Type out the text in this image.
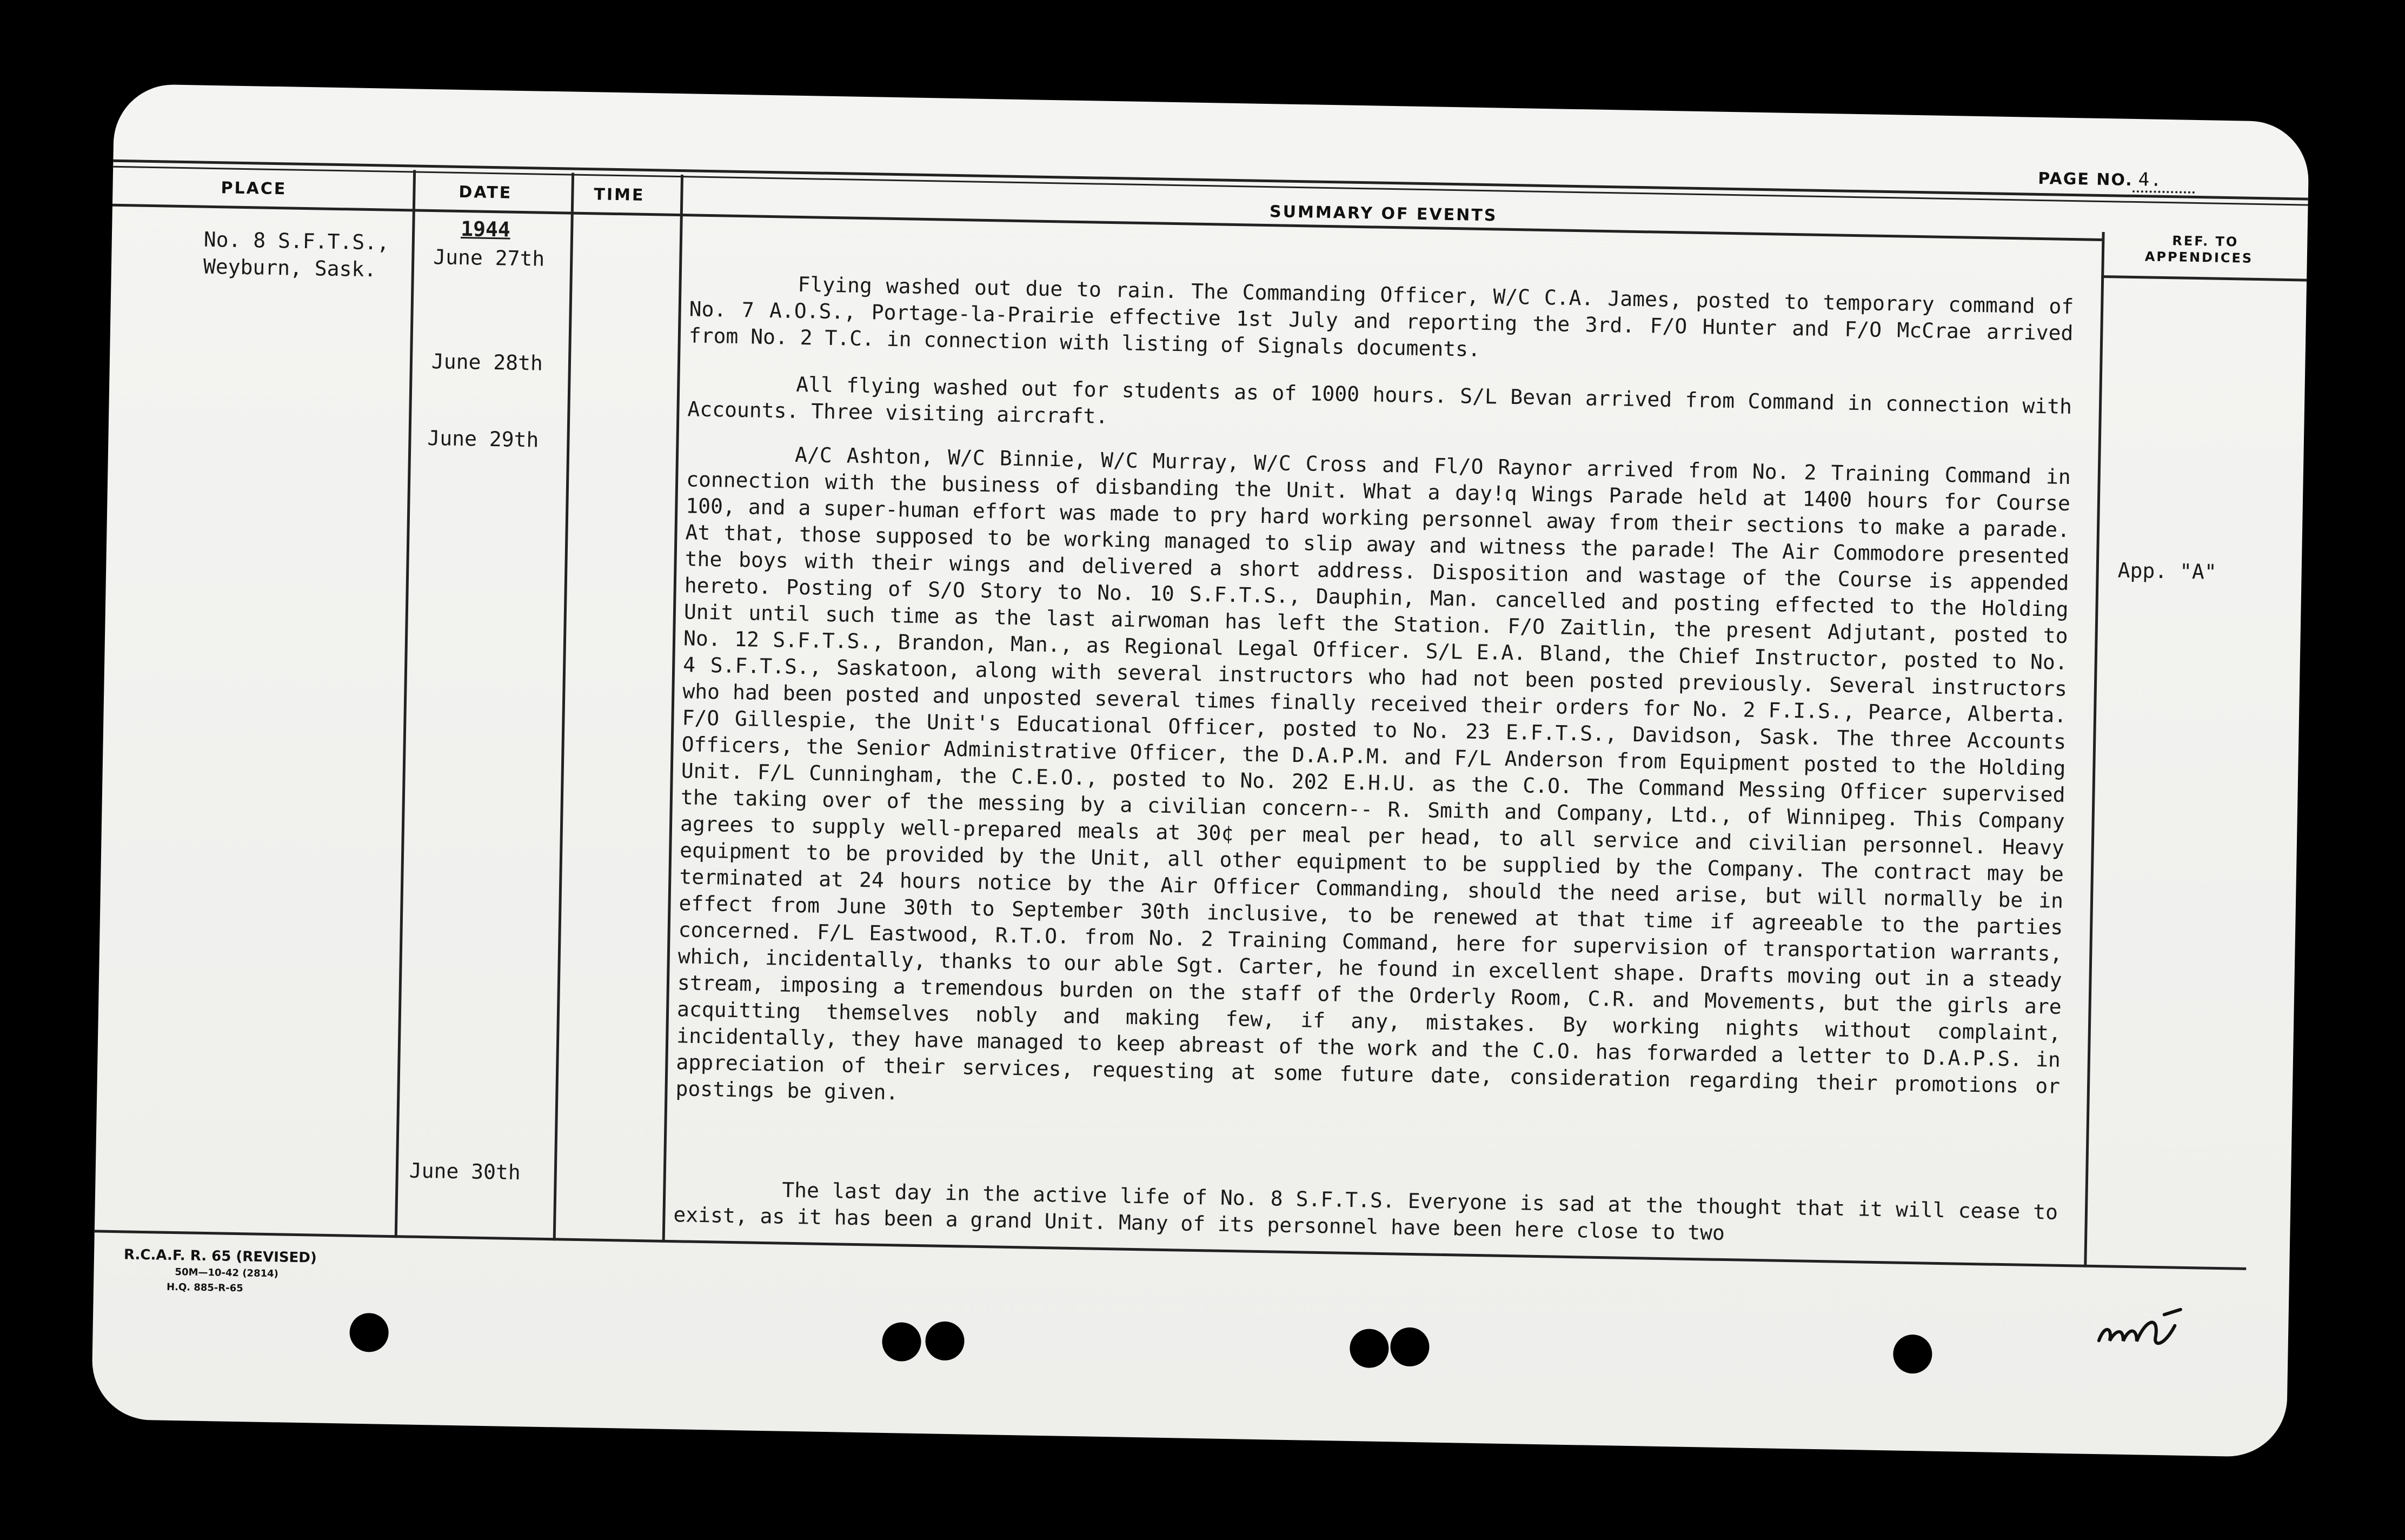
PLACE	DATE	TIME
SUMMARY OF EVENTS
REF. TO
APPENDICES
PAGE NO. 4.
No. 8 S.F.T.S.,
Weyburn, Sask.
1944
June 27th
June 28th
June 29th
June 30th

Flying washed out due to rain. The Commanding Officer, W/C C.A. James, posted to temporary command of No. 7 A.O.S., Portage-la-Prairie effective 1st July and reporting the 3rd. F/O Hunter and F/O McCrae arrived from No. 2 T.C. in connection with listing of Signals documents.

All flying washed out for students as of 1000 hours. S/L Bevan arrived from Command in connection with Accounts. Three visiting aircraft.

A/C Ashton, W/C Binnie, W/C Murray, W/C Cross and Fl/O Raynor arrived from No. 2 Training Command in connection with the business of disbanding the Unit. What a day!q Wings Parade held at 1400 hours for Course 100, and a super-human effort was made to pry hard working personnel away from their sections to make a parade. At that, those supposed to be working managed to slip away and witness the parade! The Air Commodore presented the boys with their wings and delivered a short address. Disposition and wastage of the Course is appended hereto. Posting of S/O Story to No. 10 S.F.T.S., Dauphin, Man. cancelled and posting effected to the Holding Unit until such time as the last airwoman has left the Station. F/O Zaitlin, the present Adjutant, posted to No. 12 S.F.T.S., Brandon, Man., as Regional Legal Officer. S/L E.A. Bland, the Chief Instructor, posted to No. 4 S.F.T.S., Saskatoon, along with several instructors who had not been posted previously. Several instructors who had been posted and unposted several times finally received their orders for No. 2 F.I.S., Pearce, Alberta. F/O Gillespie, the Unit's Educational Officer, posted to No. 23 E.F.T.S., Davidson, Sask. The three Accounts Officers, the Senior Administrative Officer, the D.A.P.M. and F/L Anderson from Equipment posted to the Holding Unit. F/L Cunningham, the C.E.O., posted to No. 202 E.H.U. as the C.O. The Command Messing Officer supervised the taking over of the messing by a civilian concern-- R. Smith and Company, Ltd., of Winnipeg. This Company agrees to supply well-prepared meals at 30¢ per meal per head, to all service and civilian personnel. Heavy equipment to be provided by the Unit, all other equipment to be supplied by the Company. The contract may be terminated at 24 hours notice by the Air Officer Commanding, should the need arise, but will normally be in effect from June 30th to September 30th inclusive, to be renewed at that time if agreeable to the parties concerned. F/L Eastwood, R.T.O. from No. 2 Training Command, here for supervision of transportation warrants, which, incidentally, thanks to our able Sgt. Carter, he found in excellent shape. Drafts moving out in a steady stream, imposing a tremendous burden on the staff of the Orderly Room, C.R. and Movements, but the girls are acquitting themselves nobly and making few, if any, mistakes. By working nights without complaint, incidentally, they have managed to keep abreast of the work and the C.O. has forwarded a letter to D.A.P.S. in appreciation of their services, requesting at some future date, consideration regarding their promotions or postings be given.

The last day in the active life of No. 8 S.F.T.S. Everyone is sad at the thought that it will cease to exist, as it has been a grand Unit. Many of its personnel have been here close to two

App. "A"
R.C.A.F. R. 65 (REVISED)
50M—10-42 (2814)
H.Q. 885-R-65
